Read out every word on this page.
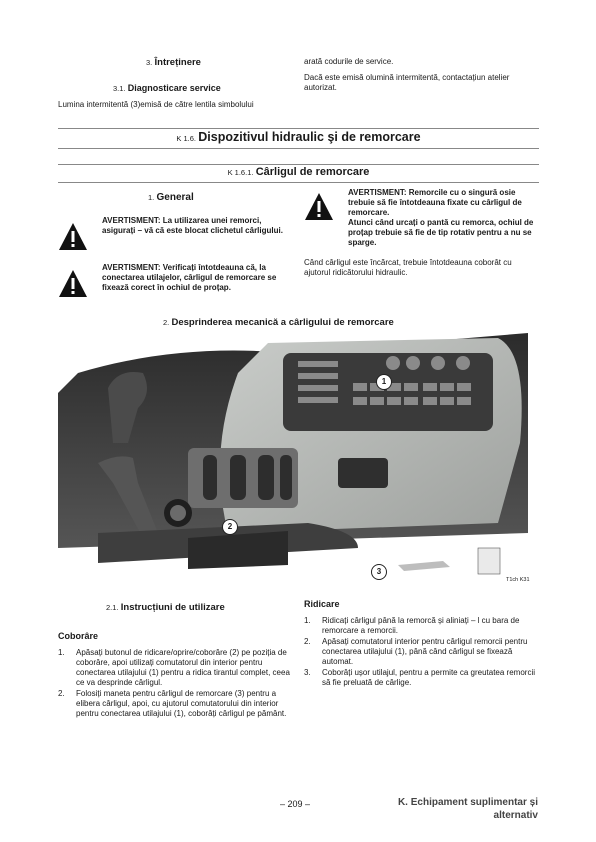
3. Întreținere
3.1. Diagnosticare service
Lumina intermitentă (3)emisă de către lentila simbolului
arată codurile de service.
Dacă este emisă olumină intermitentă, contactațiun atelier autorizat.
K 1.6. Dispozitivul hidraulic şi de remorcare
K 1.6.1. Cârligul de remorcare
1. General
AVERTISMENT: La utilizarea unei remorci, asigurați – vă că este blocat clichetul cârligului.
AVERTISMENT: Verificați întotdeauna că, la conectarea utilajelor, cârligul de remorcare se fixează corect în ochiul de proțap.
AVERTISMENT: Remorcile cu o singură osie trebuie să fie întotdeauna fixate cu cârligul de remorcare.
Atunci când urcați o pantă cu remorca, ochiul de proțap trebuie să fie de tip rotativ pentru a nu se sparge.
Când cârligul este încărcat, trebuie întotdeauna coborât cu ajutorul ridicătorului hidraulic.
2. Desprinderea mecanică a cârligului de remorcare
1
2
3
T1ch K31
2.1. Instrucțiuni de utilizare
Coborâre
1. Apăsați butonul de ridicare/oprire/coborâre (2) pe poziția de coborâre, apoi utilizați comutatorul din interior pentru conectarea utilajului (1) pentru a ridica tirantul complet, ceea ce va desprinde cârligul.
2. Folosiți maneta pentru cârligul de remorcare (3) pentru a elibera cârligul, apoi, cu ajutorul comutatorului din interior pentru conectarea utilajului (1), coborâți cârligul pe pământ.
Ridicare
1. Ridicați cârligul până la remorcă și aliniați – l cu bara de remorcare a remorcii.
2. Apăsați comutatorul interior pentru cârligul remorcii pentru conectarea utilajului (1), până când cârligul se fixează automat.
3. Coborâți ușor utilajul, pentru a permite ca greutatea remorcii să fie preluată de cârlige.
– 209 –	K. Echipament suplimentar și
alternativ
